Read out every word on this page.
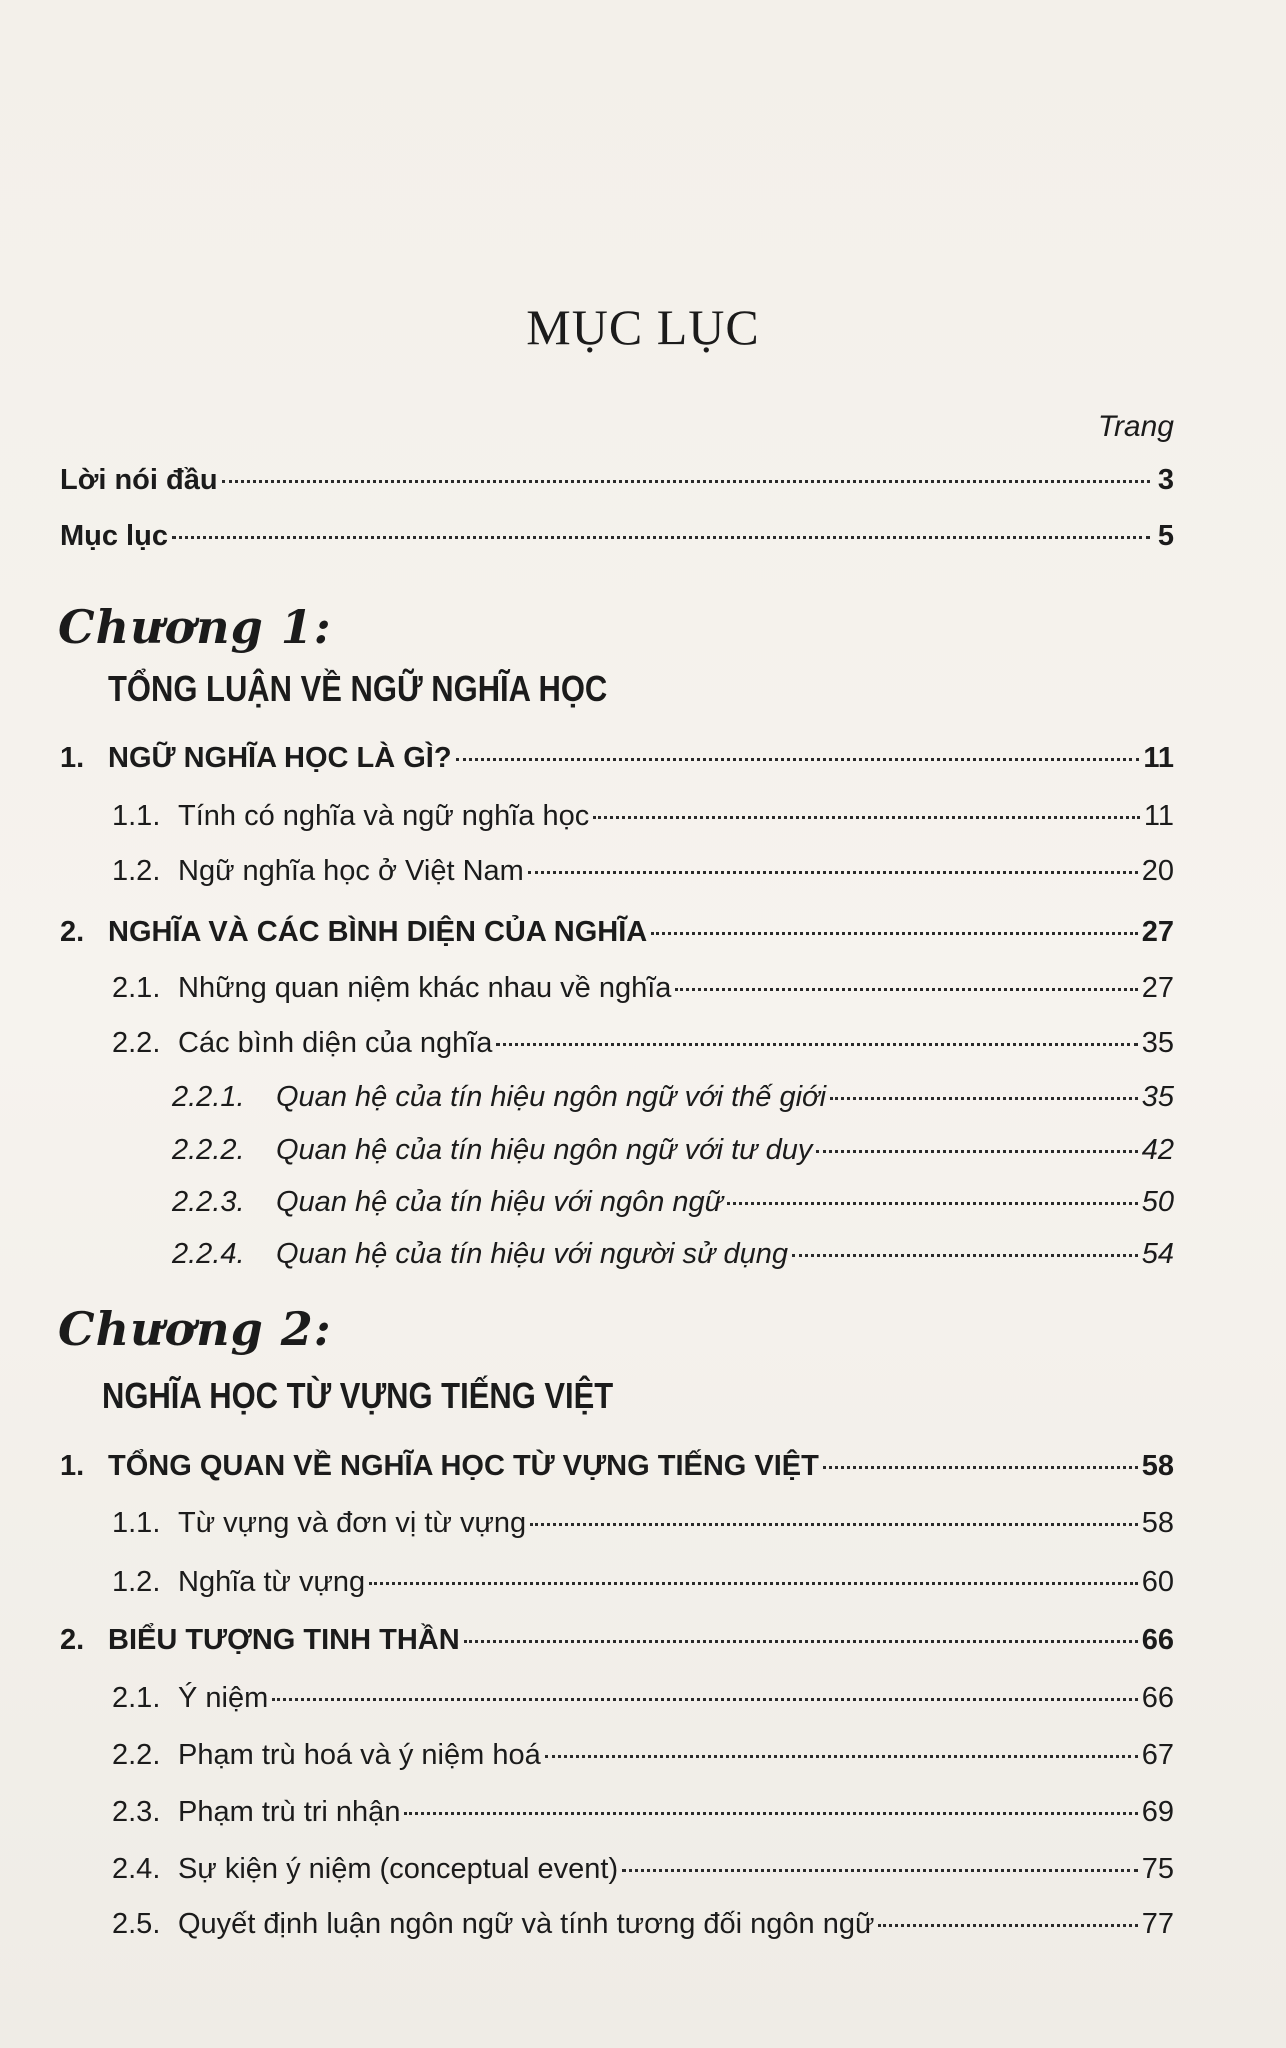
MỤC LỤC
Trang
Lời nói đầu	3
Mục lục	5
Chương 1:
TỔNG LUẬN VỀ NGỮ NGHĨA HỌC
1. NGỮ NGHĨA HỌC LÀ GÌ?	11
1.1. Tính có nghĩa và ngữ nghĩa học	11
1.2. Ngữ nghĩa học ở Việt Nam	20
2. NGHĨA VÀ CÁC BÌNH DIỆN CỦA NGHĨA	27
2.1. Những quan niệm khác nhau về nghĩa	27
2.2. Các bình diện của nghĩa	35
2.2.1.	Quan hệ của tín hiệu ngôn ngữ với thế giới	35
2.2.2.	Quan hệ của tín hiệu ngôn ngữ với tư duy	42
2.2.3.	Quan hệ của tín hiệu với ngôn ngữ	50
2.2.4.	Quan hệ của tín hiệu với người sử dụng	54
Chương 2:
NGHĨA HỌC TỪ VỰNG TIẾNG VIỆT
1. TỔNG QUAN VỀ NGHĨA HỌC TỪ VỰNG TIẾNG VIỆT	58
1.1. Từ vựng và đơn vị từ vựng	58
1.2. Nghĩa từ vựng	60
2. BIỂU TƯỢNG TINH THẦN	66
2.1. Ý niệm	66
2.2. Phạm trù hoá và ý niệm hoá	67
2.3. Phạm trù tri nhận	69
2.4. Sự kiện ý niệm (conceptual event)	75
2.5. Quyết định luận ngôn ngữ và tính tương đối ngôn ngữ	77
